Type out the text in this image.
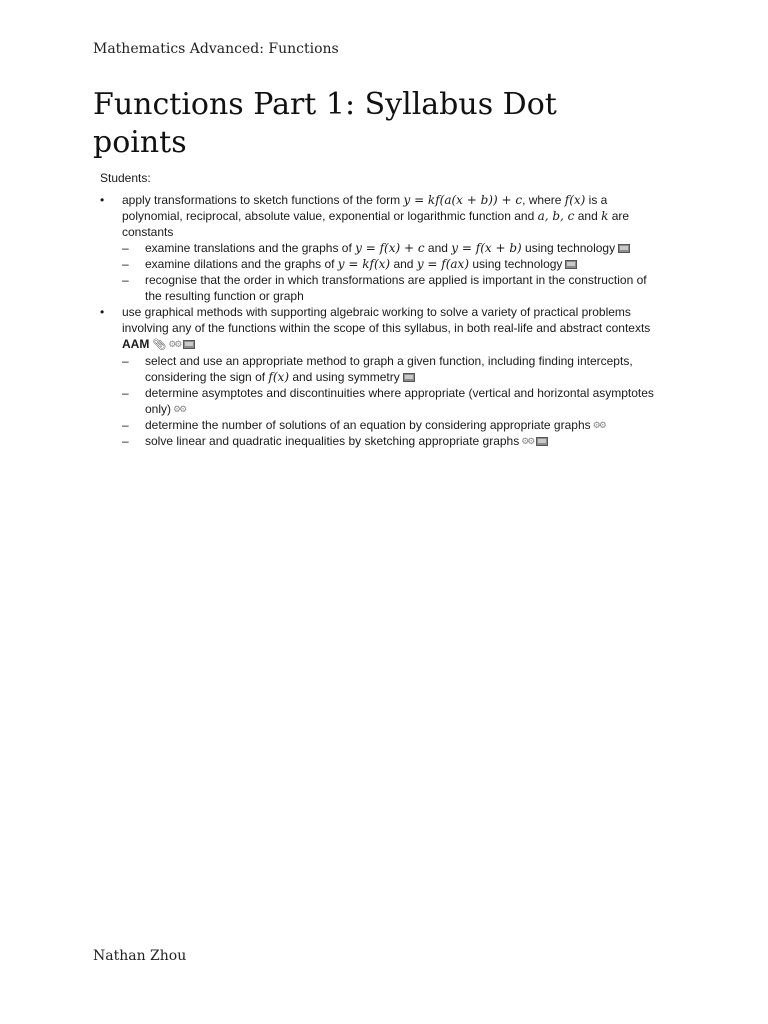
Mathematics Advanced: Functions
Functions Part 1: Syllabus Dot points

Students:

• apply transformations to sketch functions of the form y = kf(a(x + b)) + c, where f(x) is a polynomial, reciprocal, absolute value, exponential or logarithmic function and a, b, c and k are constants
– examine translations and the graphs of y = f(x) + c and y = f(x + b) using technology
– examine dilations and the graphs of y = kf(x) and y = f(ax) using technology
– recognise that the order in which transformations are applied is important in the construction of the resulting function or graph
• use graphical methods with supporting algebraic working to solve a variety of practical problems involving any of the functions within the scope of this syllabus, in both real-life and abstract contexts AAM 📎︎ ⚙⚙
– select and use an appropriate method to graph a given function, including finding intercepts, considering the sign of f(x) and using symmetry
– determine asymptotes and discontinuities where appropriate (vertical and horizontal asymptotes only) ⚙⚙
– determine the number of solutions of an equation by considering appropriate graphs ⚙⚙
– solve linear and quadratic inequalities by sketching appropriate graphs ⚙⚙
Nathan Zhou
